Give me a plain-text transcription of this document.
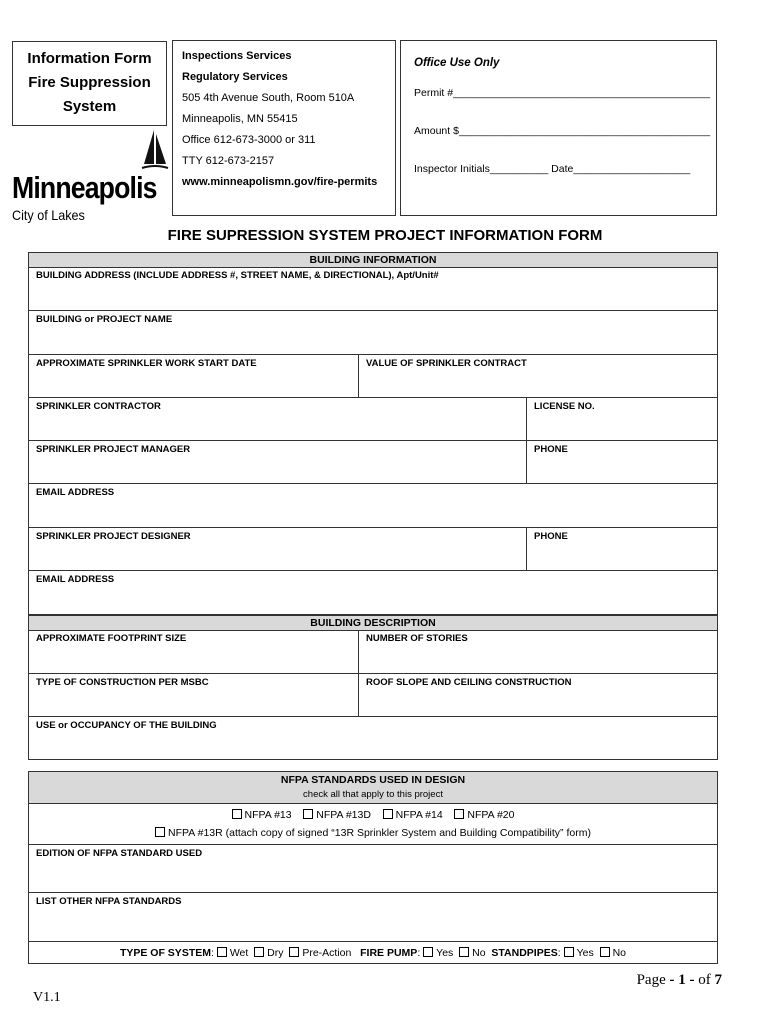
Information Form
Fire Suppression
System
Minneapolis
City of Lakes
Inspections Services
Regulatory Services
505 4th Avenue South, Room 510A
Minneapolis, MN 55415
Office 612-673-3000 or 311
TTY 612-673-2157
www.minneapolismn.gov/fire-permits
Office Use Only
Permit #____________________________________________
Amount $___________________________________________
Inspector Initials__________ Date____________________
FIRE SUPRESSION SYSTEM PROJECT INFORMATION FORM
BUILDING INFORMATION
BUILDING ADDRESS (INCLUDE ADDRESS #, STREET NAME, & DIRECTIONAL), Apt/Unit#
BUILDING or PROJECT NAME
APPROXIMATE SPRINKLER WORK START DATE	VALUE OF SPRINKLER CONTRACT
SPRINKLER CONTRACTOR	LICENSE NO.
SPRINKLER PROJECT MANAGER	PHONE
EMAIL ADDRESS
SPRINKLER PROJECT DESIGNER	PHONE
EMAIL ADDRESS
BUILDING DESCRIPTION
APPROXIMATE FOOTPRINT SIZE	NUMBER OF STORIES
TYPE OF CONSTRUCTION PER MSBC	ROOF SLOPE AND CEILING CONSTRUCTION
USE or OCCUPANCY OF THE BUILDING
NFPA STANDARDS USED IN DESIGN
check all that apply to this project
NFPA #13 NFPA #13D NFPA #14 NFPA #20
NFPA #13R (attach copy of signed “13R Sprinkler System and Building Compatibility” form)
EDITION OF NFPA STANDARD USED
LIST OTHER NFPA STANDARDS
TYPE OF SYSTEM: Wet Dry Pre-Action FIRE PUMP: Yes No STANDPIPES: Yes No
Page - 1 - of 7
V1.1
